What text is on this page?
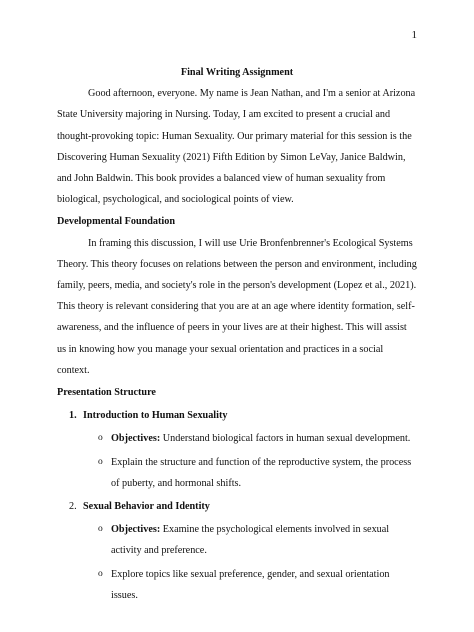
1

Final Writing Assignment

Good afternoon, everyone. My name is Jean Nathan, and I'm a senior at Arizona State University majoring in Nursing. Today, I am excited to present a crucial and thought-provoking topic: Human Sexuality. Our primary material for this session is the Discovering Human Sexuality (2021) Fifth Edition by Simon LeVay, Janice Baldwin, and John Baldwin. This book provides a balanced view of human sexuality from biological, psychological, and sociological points of view.

Developmental Foundation

In framing this discussion, I will use Urie Bronfenbrenner's Ecological Systems Theory. This theory focuses on relations between the person and environment, including family, peers, media, and society's role in the person's development (Lopez et al., 2021). This theory is relevant considering that you are at an age where identity formation, self-awareness, and the influence of peers in your lives are at their highest. This will assist us in knowing how you manage your sexual orientation and practices in a social context.

Presentation Structure

1. Introduction to Human Sexuality
o Objectives: Understand biological factors in human sexual development.
o Explain the structure and function of the reproductive system, the process of puberty, and hormonal shifts.
2. Sexual Behavior and Identity
o Objectives: Examine the psychological elements involved in sexual activity and preference.
o Explore topics like sexual preference, gender, and sexual orientation issues.
